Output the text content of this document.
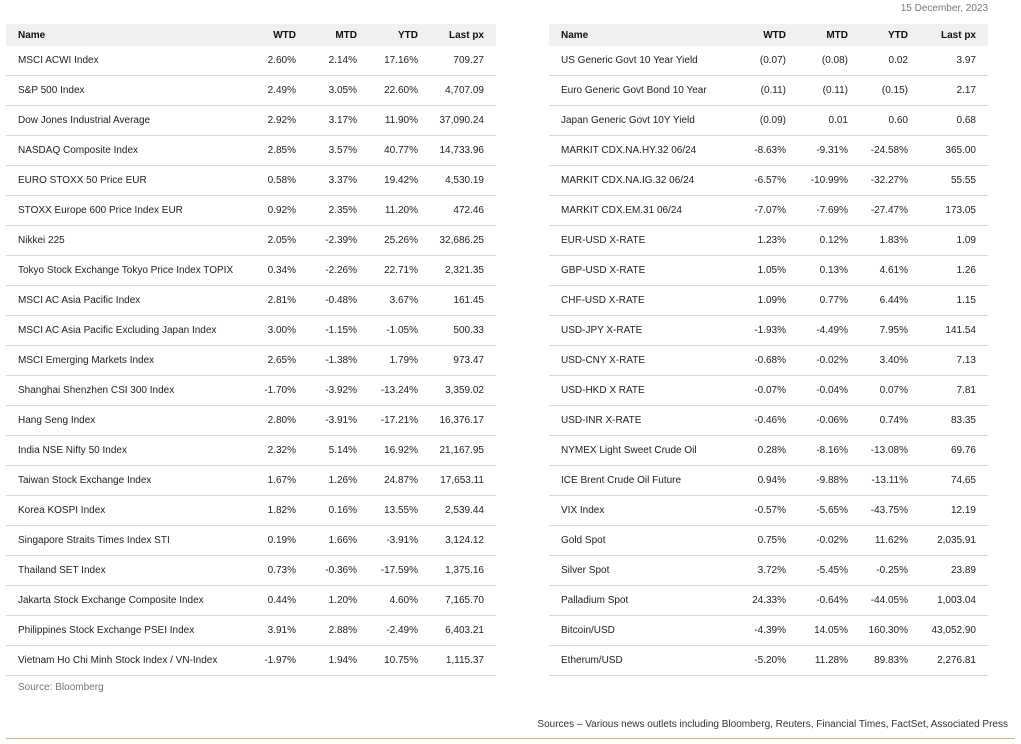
15 December, 2023
Name	WTD	MTD	YTD	Last px
MSCI ACWI Index	2.60%	2.14%	17.16%	709.27
S&P 500 Index	2.49%	3.05%	22.60%	4,707.09
Dow Jones Industrial Average	2.92%	3.17%	11.90%	37,090.24
NASDAQ Composite Index	2.85%	3.57%	40.77%	14,733.96
EURO STOXX 50 Price EUR	0.58%	3.37%	19.42%	4,530.19
STOXX Europe 600 Price Index EUR	0.92%	2.35%	11.20%	472.46
Nikkei 225	2.05%	-2.39%	25.26%	32,686.25
Tokyo Stock Exchange Tokyo Price Index TOPIX	0.34%	-2.26%	22.71%	2,321.35
MSCI AC Asia Pacific Index	2.81%	-0.48%	3.67%	161.45
MSCI AC Asia Pacific Excluding Japan Index	3.00%	-1.15%	-1.05%	500.33
MSCI Emerging Markets Index	2.65%	-1.38%	1.79%	973.47
Shanghai Shenzhen CSI 300 Index	-1.70%	-3.92%	-13.24%	3,359.02
Hang Seng Index	2.80%	-3.91%	-17.21%	16,376.17
India NSE Nifty 50 Index	2.32%	5.14%	16.92%	21,167.95
Taiwan Stock Exchange Index	1.67%	1.26%	24.87%	17,653.11
Korea KOSPI Index	1.82%	0.16%	13.55%	2,539.44
Singapore Straits Times Index STI	0.19%	1.66%	-3.91%	3,124.12
Thailand SET Index	0.73%	-0.36%	-17.59%	1,375.16
Jakarta Stock Exchange Composite Index	0.44%	1.20%	4.60%	7,165.70
Philippines Stock Exchange PSEI Index	3.91%	2.88%	-2.49%	6,403.21
Vietnam Ho Chi Minh Stock Index / VN-Index	-1.97%	1.94%	10.75%	1,115.37
Name	WTD	MTD	YTD	Last px
US Generic Govt 10 Year Yield	(0.07)	(0.08)	0.02	3.97
Euro Generic Govt Bond 10 Year	(0.11)	(0.11)	(0.15)	2.17
Japan Generic Govt 10Y Yield	(0.09)	0.01	0.60	0.68
MARKIT CDX.NA.HY.32 06/24	-8.63%	-9.31%	-24.58%	365.00
MARKIT CDX.NA.IG.32 06/24	-6.57%	-10.99%	-32.27%	55.55
MARKIT CDX.EM.31 06/24	-7.07%	-7.69%	-27.47%	173.05
EUR-USD X-RATE	1.23%	0.12%	1.83%	1.09
GBP-USD X-RATE	1.05%	0.13%	4.61%	1.26
CHF-USD X-RATE	1.09%	0.77%	6.44%	1.15
USD-JPY X-RATE	-1.93%	-4.49%	7.95%	141.54
USD-CNY X-RATE	-0.68%	-0.02%	3.40%	7.13
USD-HKD X RATE	-0.07%	-0.04%	0.07%	7.81
USD-INR X-RATE	-0.46%	-0.06%	0.74%	83.35
NYMEX Light Sweet Crude Oil	0.28%	-8.16%	-13.08%	69.76
ICE Brent Crude Oil Future	0.94%	-9.88%	-13.11%	74.65
VIX Index	-0.57%	-5.65%	-43.75%	12.19
Gold Spot	0.75%	-0.02%	11.62%	2,035.91
Silver Spot	3.72%	-5.45%	-0.25%	23.89
Palladium Spot	24.33%	-0.64%	-44.05%	1,003.04
Bitcoin/USD	-4.39%	14.05%	160.30%	43,052.90
Etherum/USD	-5.20%	11.28%	89.83%	2,276.81
Source: Bloomberg
Sources – Various news outlets including Bloomberg, Reuters, Financial Times, FactSet, Associated Press
